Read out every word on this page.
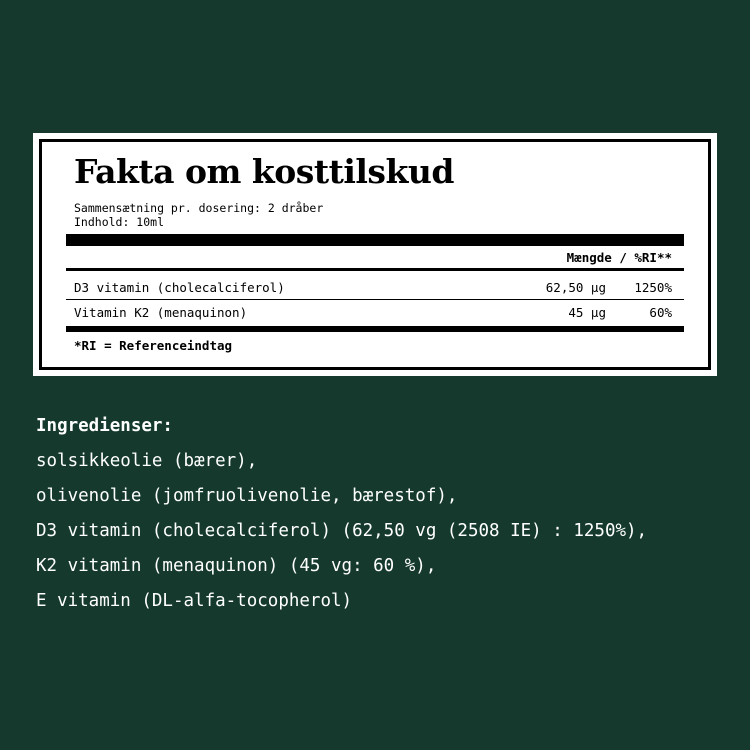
Fakta om kosttilskud
Sammensætning pr. dosering: 2 dråber
Indhold: 10ml
Mængde / %RI**
D3 vitamin (cholecalciferol)	62,50 µg	1250%
Vitamin K2 (menaquinon)	45 µg	60%
*RI = Referenceindtag
Ingredienser:
solsikkeolie (bærer),
olivenolie (jomfruolivenolie, bærestof),
D3 vitamin (cholecalciferol) (62,50 vg (2508 IE) : 1250%),
K2 vitamin (menaquinon) (45 vg: 60 %),
E vitamin (DL-alfa-tocopherol)
